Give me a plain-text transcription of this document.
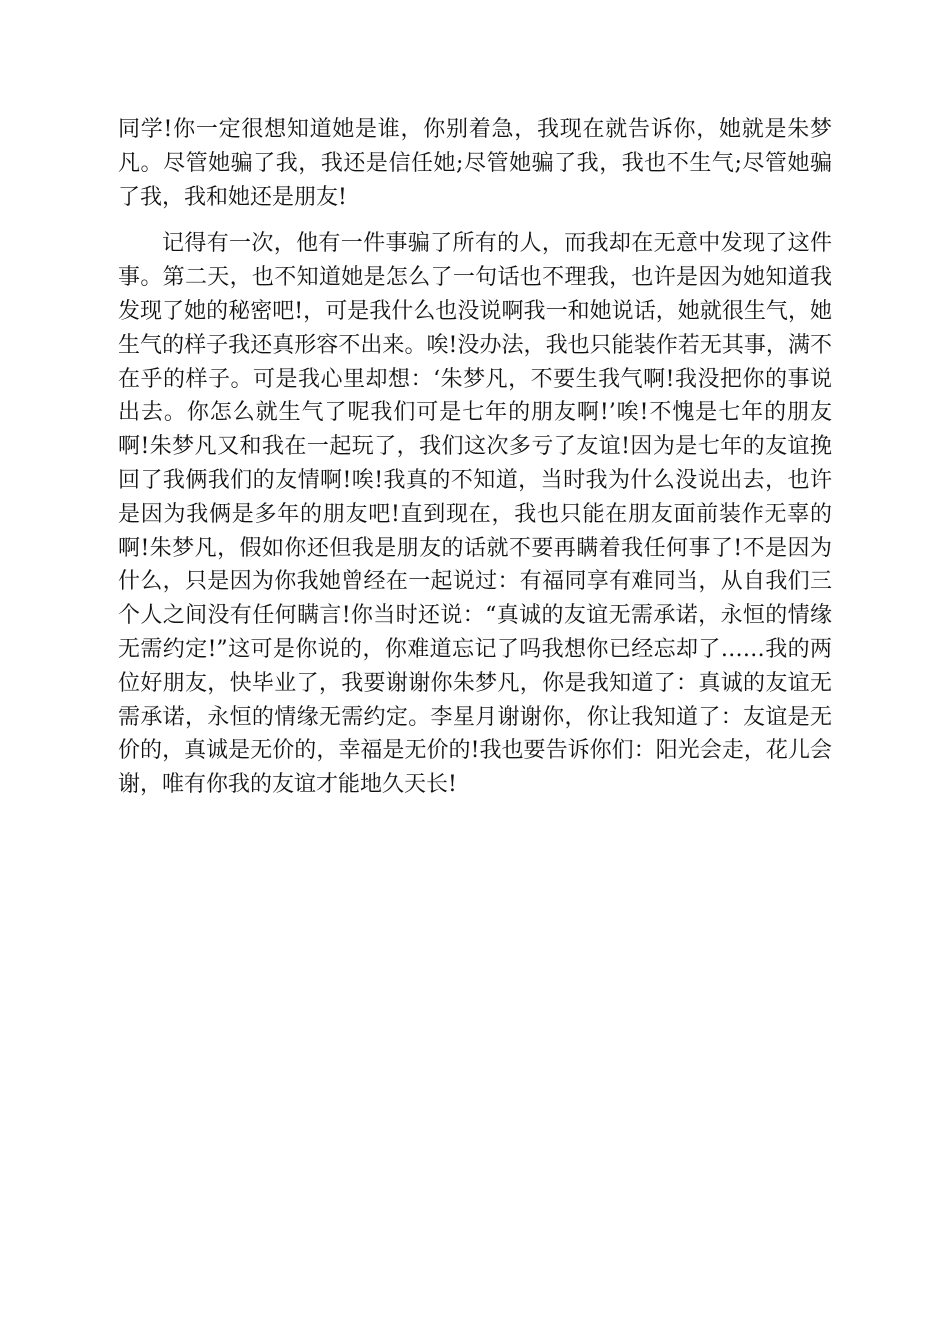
同学!你一定很想知道她是谁，你别着急，我现在就告诉你，她就是朱梦凡。尽管她骗了我，我还是信任她;尽管她骗了我，我也不生气;尽管她骗了我，我和她还是朋友!

记得有一次，他有一件事骗了所有的人，而我却在无意中发现了这件事。第二天，也不知道她是怎么了一句话也不理我，也许是因为她知道我发现了她的秘密吧!，可是我什么也没说啊我一和她说话，她就很生气，她生气的样子我还真形容不出来。唉!没办法，我也只能装作若无其事，满不在乎的样子。可是我心里却想：‘朱梦凡，不要生我气啊!我没把你的事说出去。你怎么就生气了呢我们可是七年的朋友啊!’唉!不愧是七年的朋友啊!朱梦凡又和我在一起玩了，我们这次多亏了友谊!因为是七年的友谊挽回了我俩我们的友情啊!唉!我真的不知道，当时我为什么没说出去，也许是因为我俩是多年的朋友吧!直到现在，我也只能在朋友面前装作无辜的啊!朱梦凡，假如你还但我是朋友的话就不要再瞒着我任何事了!不是因为什么，只是因为你我她曾经在一起说过：有福同享有难同当，从自我们三个人之间没有任何瞒言!你当时还说：“真诚的友谊无需承诺，永恒的情缘无需约定!”这可是你说的，你难道忘记了吗我想你已经忘却了……我的两位好朋友，快毕业了，我要谢谢你朱梦凡，你是我知道了：真诚的友谊无需承诺，永恒的情缘无需约定。李星月谢谢你，你让我知道了：友谊是无价的，真诚是无价的，幸福是无价的!我也要告诉你们：阳光会走，花儿会谢，唯有你我的友谊才能地久天长!
